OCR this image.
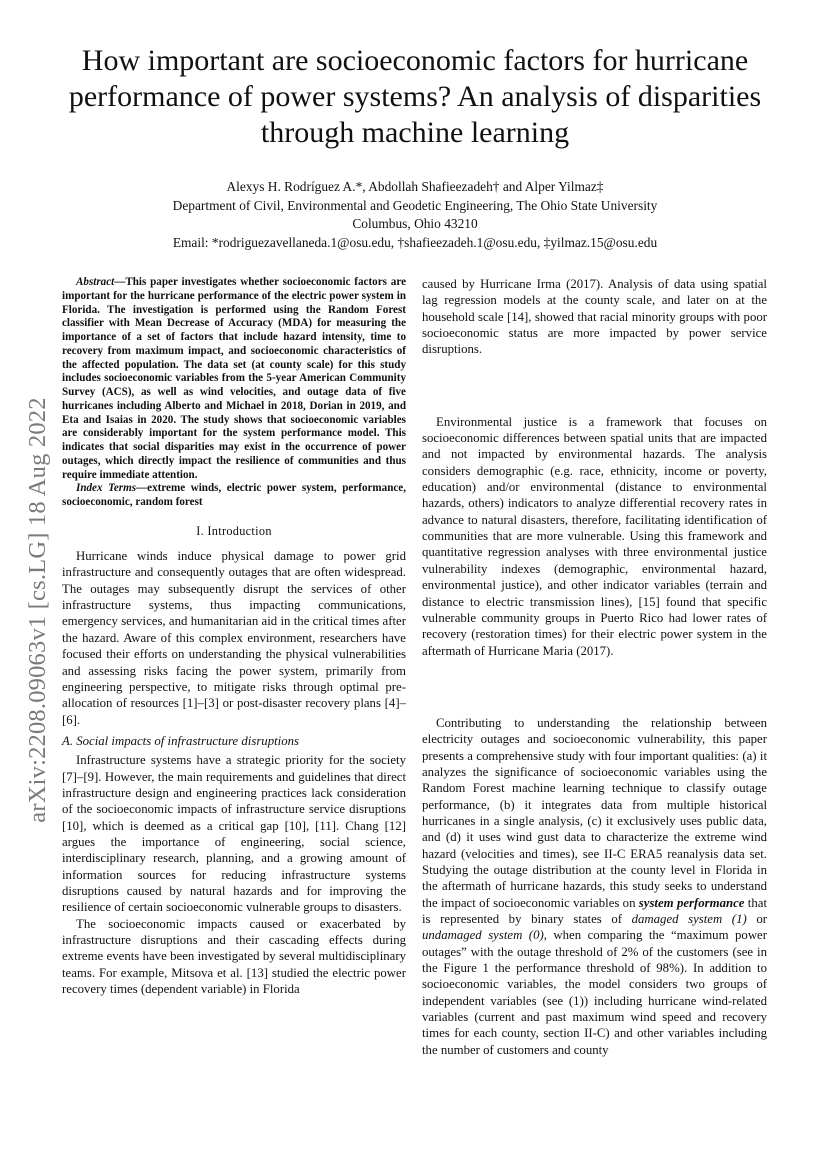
arXiv:2208.09063v1 [cs.LG] 18 Aug 2022
How important are socioeconomic factors for hurricane performance of power systems? An analysis of disparities through machine learning
Alexys H. Rodríguez A.*, Abdollah Shafieezadeh† and Alper Yilmaz‡
Department of Civil, Environmental and Geodetic Engineering, The Ohio State University
Columbus, Ohio 43210
Email: *rodriguezavellaneda.1@osu.edu, †shafieezadeh.1@osu.edu, ‡yilmaz.15@osu.edu

Abstract—This paper investigates whether socioeconomic factors are important for the hurricane performance of the electric power system in Florida. The investigation is performed using the Random Forest classifier with Mean Decrease of Accuracy (MDA) for measuring the importance of a set of factors that include hazard intensity, time to recovery from maximum impact, and socioeconomic characteristics of the affected population. The data set (at county scale) for this study includes socioeconomic variables from the 5-year American Community Survey (ACS), as well as wind velocities, and outage data of five hurricanes including Alberto and Michael in 2018, Dorian in 2019, and Eta and Isaias in 2020. The study shows that socioeconomic variables are considerably important for the system performance model. This indicates that social disparities may exist in the occurrence of power outages, which directly impact the resilience of communities and thus require immediate attention.

Index Terms—extreme winds, electric power system, performance, socioeconomic, random forest

I. Introduction

Hurricane winds induce physical damage to power grid infrastructure and consequently outages that are often widespread. The outages may subsequently disrupt the services of other infrastructure systems, thus impacting communications, emergency services, and humanitarian aid in the critical times after the hazard. Aware of this complex environment, researchers have focused their efforts on understanding the physical vulnerabilities and assessing risks facing the power system, primarily from engineering perspective, to mitigate risks through optimal pre-allocation of resources [1]–[3] or post-disaster recovery plans [4]–[6].

A. Social impacts of infrastructure disruptions

Infrastructure systems have a strategic priority for the society [7]–[9]. However, the main requirements and guidelines that direct infrastructure design and engineering practices lack consideration of the socioeconomic impacts of infrastructure service disruptions [10], which is deemed as a critical gap [10], [11]. Chang [12] argues the importance of engineering, social science, interdisciplinary research, planning, and a growing amount of information sources for reducing infrastructure systems disruptions caused by natural hazards and for improving the resilience of certain socioeconomic vulnerable groups to disasters.

The socioeconomic impacts caused or exacerbated by infrastructure disruptions and their cascading effects during extreme events have been investigated by several multidisciplinary teams. For example, Mitsova et al. [13] studied the electric power recovery times (dependent variable) in Florida

caused by Hurricane Irma (2017). Analysis of data using spatial lag regression models at the county scale, and later on at the household scale [14], showed that racial minority groups with poor socioeconomic status are more impacted by power service disruptions.

Environmental justice is a framework that focuses on socioeconomic differences between spatial units that are impacted and not impacted by environmental hazards. The analysis considers demographic (e.g. race, ethnicity, income or poverty, education) and/or environmental (distance to environmental hazards, others) indicators to analyze differential recovery rates in advance to natural disasters, therefore, facilitating identification of communities that are more vulnerable. Using this framework and quantitative regression analyses with three environmental justice vulnerability indexes (demographic, environmental hazard, environmental justice), and other indicator variables (terrain and distance to electric transmission lines), [15] found that specific vulnerable community groups in Puerto Rico had lower rates of recovery (restoration times) for their electric power system in the aftermath of Hurricane Maria (2017).

Contributing to understanding the relationship between electricity outages and socioeconomic vulnerability, this paper presents a comprehensive study with four important qualities: (a) it analyzes the significance of socioeconomic variables using the Random Forest machine learning technique to classify outage performance, (b) it integrates data from multiple historical hurricanes in a single analysis, (c) it exclusively uses public data, and (d) it uses wind gust data to characterize the extreme wind hazard (velocities and times), see II-C ERA5 reanalysis data set. Studying the outage distribution at the county level in Florida in the aftermath of hurricane hazards, this study seeks to understand the impact of socioeconomic variables on system performance that is represented by binary states of damaged system (1) or undamaged system (0), when comparing the “maximum power outages” with the outage threshold of 2% of the customers (see in the Figure 1 the performance threshold of 98%). In addition to socioeconomic variables, the model considers two groups of independent variables (see (1)) including hurricane wind-related variables (current and past maximum wind speed and recovery times for each county, section II-C) and other variables including the number of customers and county
